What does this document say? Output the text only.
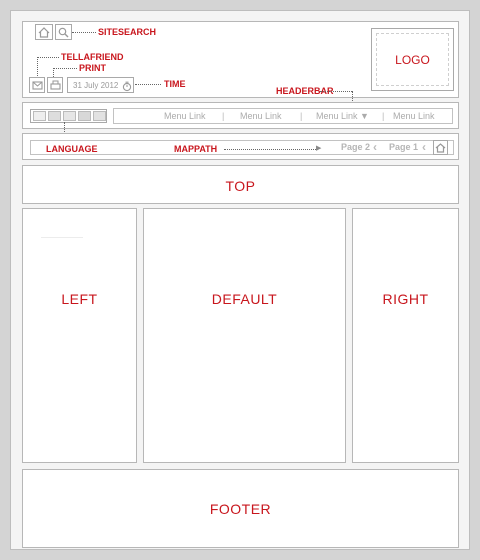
31 July 2012
LOGO
SITESEARCH
TELLAFRIEND
PRINT
TIME
HEADERBAR
Menu Link | Menu Link | Menu Link ▼ | Menu Link
LANGUAGE	MAPPATH	▶ Page 2 ‹ Page 1 ‹
TOP
LEFT	DEFAULT	RIGHT
FOOTER
